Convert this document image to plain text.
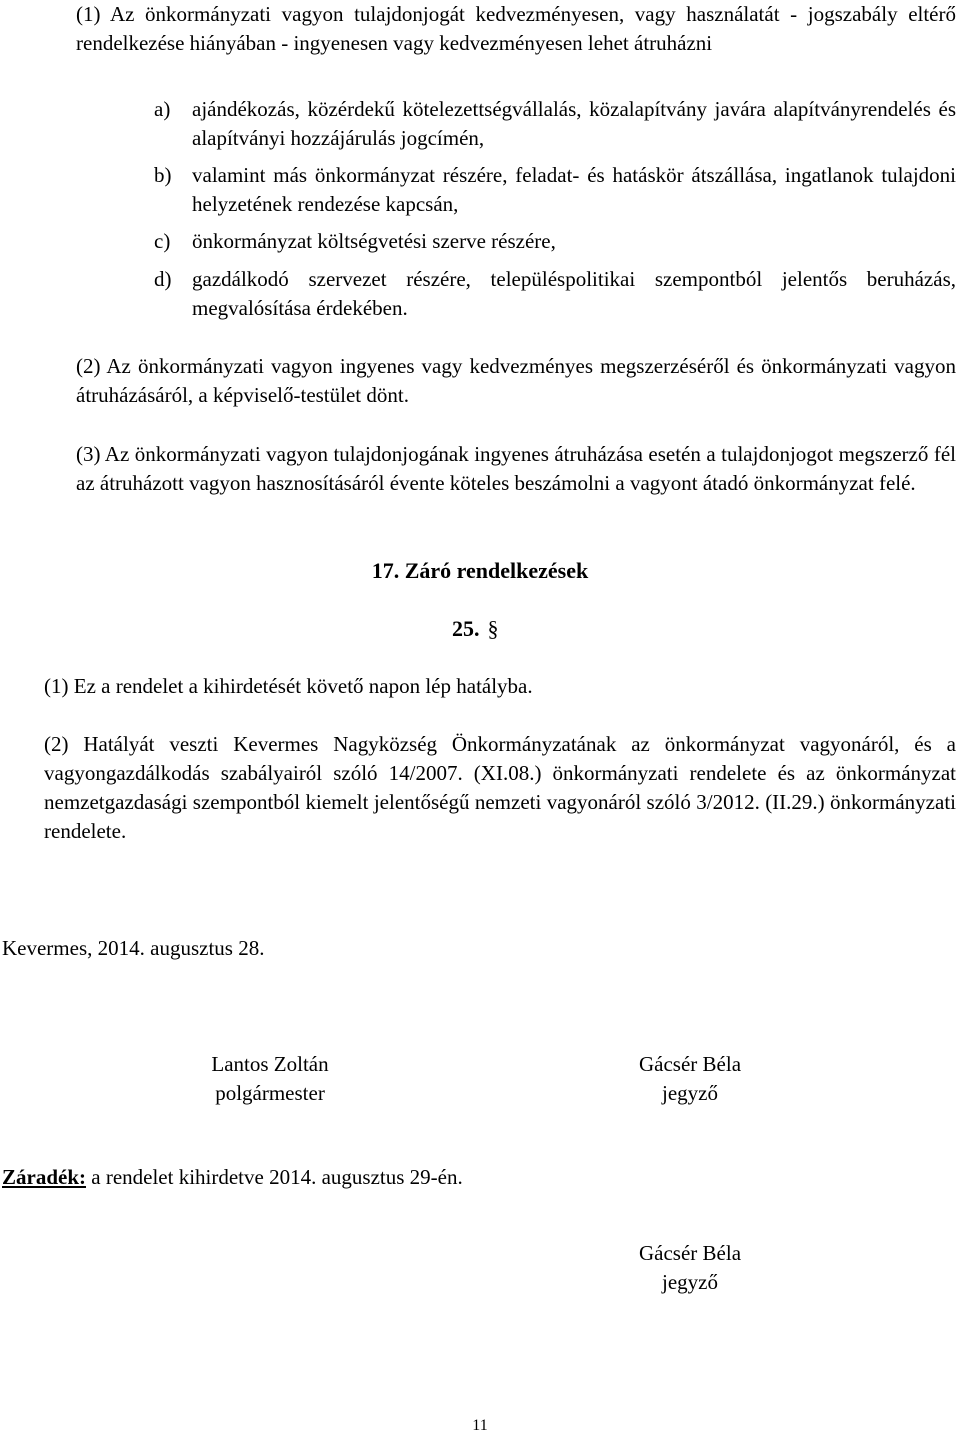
(1) Az önkormányzati vagyon tulajdonjogát kedvezményesen, vagy használatát - jogszabály eltérő rendelkezése hiányában - ingyenesen vagy kedvezményesen lehet átruházni
a)	ajándékozás, közérdekű kötelezettségvállalás, közalapítvány javára alapítványrendelés és alapítványi hozzájárulás jogcímén,
b) valamint más önkormányzat részére, feladat- és hatáskör átszállása, ingatlanok tulajdoni helyzetének rendezése kapcsán,
c)	önkormányzat költségvetési szerve részére,
d) gazdálkodó szervezet részére, településpolitikai szempontból jelentős beruházás, megvalósítása érdekében.
(2) Az önkormányzati vagyon ingyenes vagy kedvezményes megszerzéséről és önkormányzati vagyon átruházásáról, a képviselő-testület dönt.
(3) Az önkormányzati vagyon tulajdonjogának ingyenes átruházása esetén a tulajdonjogot megszerző fél az átruházott vagyon hasznosításáról évente köteles beszámolni a vagyont átadó önkormányzat felé.
17. Záró rendelkezések
25. §
(1) Ez a rendelet a kihirdetését követő napon lép hatályba.
(2) Hatályát veszti Kevermes Nagyközség Önkormányzatának az önkormányzat vagyonáról, és a vagyongazdálkodás szabályairól szóló 14/2007. (XI.08.) önkormányzati rendelete és az önkormányzat nemzetgazdasági szempontból kiemelt jelentőségű nemzeti vagyonáról szóló 3/2012. (II.29.) önkormányzati rendelete.
Kevermes, 2014. augusztus 28.
Lantos Zoltán
polgármester
Gácsér Béla
jegyző
Záradék: a rendelet kihirdetve 2014. augusztus 29-én.
Gácsér Béla
jegyző
11
